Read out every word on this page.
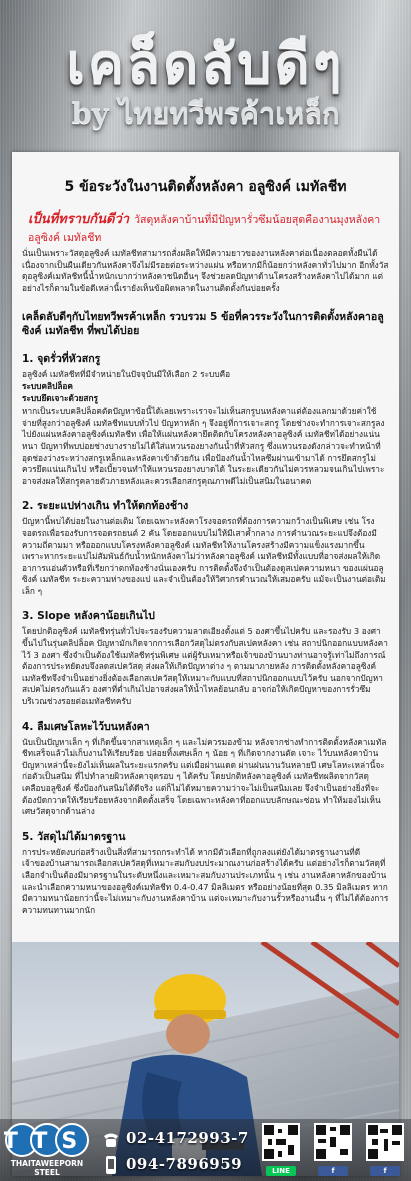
เคล็ดลับดีๆ

by ไทยทวีพรค้าเหล็ก

5 ข้อระวังในงานติดตั้งหลังคา อลูซิงค์ เมทัลชีท

เป็นที่ทราบกันดีว่า วัสดุหลังคาบ้านที่มีปัญหารั่วซึมน้อยสุดคืองานมุงหลังคาอลูซิงค์ เมทัลชีท

นั่นเป็นเพราะวัสดุอลูซิงค์ เมทัลชีทสามารถสั่งผลิตให้มีความยาวของงานหลังคาต่อเนื่องตลอดทั้งผืนได้ เนื่องจากเป็นผืนเดียวกันหลังคาจึงไม่มีรอยต่อระหว่างแผ่น หรือหากมีก็น้อยกว่าหลังคาทั่วไปมาก อีกทั้งวัสดุอลูซิงค์เมทัลชีทนี้น้ำหนักเบากว่าหลังคาชนิดอื่นๆ จึงช่วยลดปัญหาด้านโครงสร้างหลังคาไปได้มาก แต่อย่างไรก็ตามในข้อดีเหล่านี้เรายังเห็นข้อผิดพลาดในงานติดตั้งกันบ่อยครั้ง

เคล็ดลับดีๆกับไทยทวีพรค้าเหล็ก รวบรวม 5 ข้อที่ควรระวังในการติดตั้งหลังคาอลูซิงค์ เมทัลชีท ที่พบได้บ่อย

1. จุดรั่วที่หัวสกรู

อลูซิงค์ เมทัลชีทที่มีจำหน่ายในปัจจุบันมีให้เลือก 2 ระบบคือ

ระบบคลิปล็อค

ระบบยึดเจาะด้วยสกรู

หากเป็นระบบคลิปล็อคตัดปัญหาข้อนี้ได้เลยเพราะเราจะไม่เห็นสกรูบนหลังคาแต่ต้องแลกมาด้วยค่าใช้จ่ายที่สูงกว่าอลูซิงค์ เมทัลชีทแบบทั่วไป ปัญหาหลัก ๆ จึงอยู่ที่การเจาะสกรู โดยช่างจะทำการเจาะสกรูลงไปยังแผ่นหลังคาอลูซิงค์เมทัลชีท เพื่อให้แผ่นหลังคายึดติดกับโครงหลังคาอลูซิงค์ เมทัลชีทได้อย่างแน่นหนา ปัญหาที่พบบ่อยช่างบางรายไม่ได้ใส่แหวนรองยางกันน้ำที่หัวสกรู ซึ่งแหวนรองดังกล่าวจะทำหน้าที่อุดช่องว่างระหว่างสกรูเหล็กและหลังคาเข้าด้วยกัน เพื่อป้องกันน้ำไหลซึมผ่านเข้ามาได้ การยึดสกรูไม่ควรยึดแน่นเกินไป หรือเบี้ยวจนทำให้แหวนรองยางบาดได้ ในระยะเดียวกันไม่ควรหลวมจนเกินไปเพราะอาจส่งผลให้สกรูคลายตัวภายหลังและควรเลือกสกรูคุณภาพดีไม่เป็นสนิมในอนาคต

2. ระยะแปห่างเกิน ทำให้ตกท้องช้าง

ปัญหานี้พบได้บ่อยในงานต่อเติม โดยเฉพาะหลังคาโรงจอดรถที่ต้องการความกว้างเป็นพิเศษ เช่น โรงจอดรถเพื่อรองรับการจอดรถยนต์ 2 คัน โดยออกแบบไม่ให้มีเสาค้ำกลาง การคำนวณระยะแปจึงต้องมีความถี่ตามมา หรือออกแบบโครงหลังคาอลูซิงค์ เมทัลชีทให้งานโครงสร้างมีความแข็งแรงมากขึ้น เพราะหากระยะแปไม่สัมพันธ์กับน้ำหนักหลังคาไม่ว่าหลังคาอลูซิงค์ เมทัลชีทมีทั้งแบบที่อาจส่งผลให้เกิดอาการแอ่นตัวหรือที่เรียกว่าตกท้องช้างนั่นเองครับ การติดตั้งจึงจำเป็นต้องดูสเปคความหนา ของแผ่นอลูซิงค์ เมทัลชีท ระยะความห่างของแป และจำเป็นต้องให้วิศวกรคำนวณให้เสมอครับ แม้จะเป็นงานต่อเติมเล็ก ๆ

3. Slope หลังคาน้อยเกินไป

โดยปกติอลูซิงค์ เมทัลชีทรุ่นทั่วไปจะรองรับความลาดเอียงตั้งแต่ 5 องศาขึ้นไปครับ และรองรับ 3 องศาขึ้นไปในรุ่นคลิปล็อค ปัญหามักเกิดจากการเลือกวัสดุไม่ตรงกับสเปคหลังคา เช่น สถาปนิกออกแบบหลังคาไว้ 3 องศา ซึ่งจำเป็นต้องใช้เมทัลชีทรุ่นพิเศษ แต่ผู้รับเหมาหรือเจ้าของบ้านบางท่านอาจรู้เท่าไม่ถึงการณ์ ต้องการประหยัดงบจึงลดสเปควัสดุ ส่งผลให้เกิดปัญหาต่าง ๆ ตามมาภายหลัง การติดตั้งหลังคาอลูซิงค์ เมทัลชีทจึงจำเป็นอย่างยิ่งต้องเลือกสเปควัสดุให้เหมาะกับแบบที่สถาปนิกออกแบบไว้ครับ นอกจากปัญหาสเปคไม่ตรงกันแล้ว องศาที่ต่ำเกินไปอาจส่งผลให้น้ำไหลย้อนกลับ อาจก่อให้เกิดปัญหาของการรั่วซึมบริเวณช่วงรอยต่อเมทัลชีทครับ

4. ลืมเศษโลหะไว้บนหลังคา

นับเป็นปัญหาเล็ก ๆ ที่เกิดขึ้นจากสาเหตุเล็ก ๆ และไม่ควรมองข้าม หลังจากช่างทำการติดตั้งหลังคาเมทัลชีทเสร็จแล้วไม่เก็บงานให้เรียบร้อย ปล่อยทิ้งเศษเล็ก ๆ น้อย ๆ ที่เกิดจากงานตัด เจาะ ไว้บนหลังคาบ้าน ปัญหาเหล่านี้จะยังไม่เห็นผลในระยะแรกครับ แต่เมื่อผ่านแดด ผ่านฝนนานวันหลายปี เศษโลหะเหล่านี้จะก่อตัวเป็นสนิม ที่ไปทำลายผิวหลังคาจุดรอบ ๆ ได้ครับ โดยปกติหลังคาอลูซิงค์ เมทัลชีทผลิตจากวัสดุเคลือบอลูซิงค์ ซึ่งป้องกันสนิมได้ดีจริง แต่ก็ไม่ได้หมายความว่าจะไม่เป็นสนิมเลย จึงจำเป็นอย่างยิ่งที่จะต้องปัดกวาดให้เรียบร้อยหลังจากติดตั้งเสร็จ โดยเฉพาะหลังคาที่ออกแบบลักษณะซ่อน ทำให้มองไม่เห็นเศษวัสดุจากด้านล่าง

5. วัสดุไม่ได้มาตรฐาน

การประหยัดงบก่อสร้างเป็นสิ่งที่สามารถกระทำได้ หากมีตัวเลือกที่ถูกลงแต่ยังได้มาตรฐานงานที่ดี เจ้าของบ้านสามารถเลือกสเปควัสดุที่เหมาะสมกับงบประมาณงานก่อสร้างได้ครับ แต่อย่างไรก็ตามวัสดุที่เลือกจำเป็นต้องมีมาตรฐานในระดับหนึ่งและเหมาะสมกับงานประเภทนั้น ๆ เช่น งานหลังคาหลักของบ้านและนำเลือกความหนาของอลูซิงค์เมทัลชีท 0.4-0.47 มิลลิเมตร หรืออย่างน้อยที่สุด 0.35 มิลลิเมตร หากมีความหนาน้อยกว่านี้จะไม่เหมาะกับงานหลังคาบ้าน แต่จะเหมาะกับงานรั้วหรืองานอื่น ๆ ที่ไม่ได้ต้องการความทนทานมากนัก

TTS
THAITAWEEPORN STEEL
02-4172993-7
094-7896959	LINE	f	f
